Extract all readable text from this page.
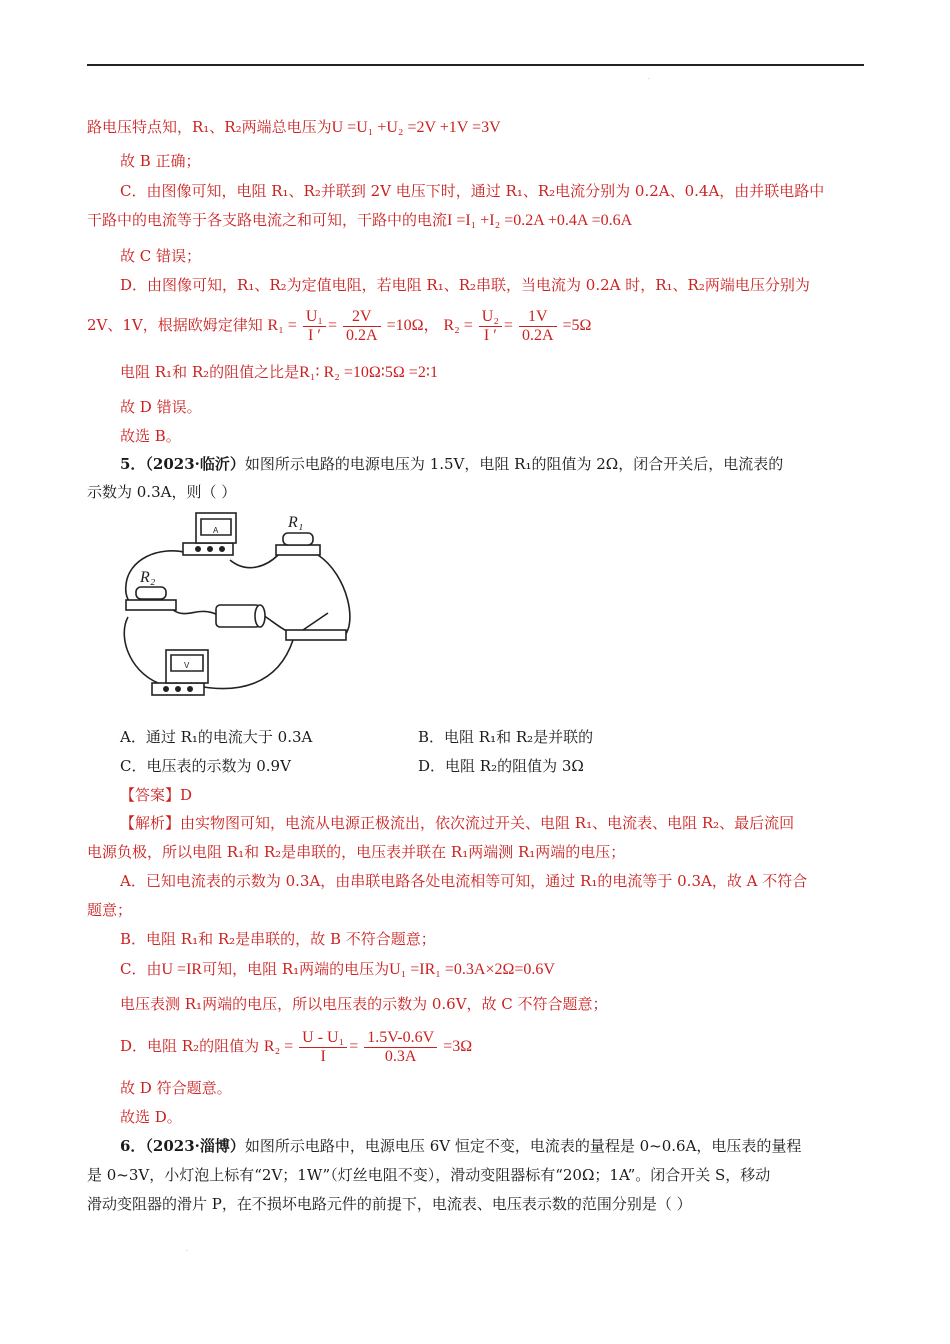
·
路电压特点知，R₁、R₂两端总电压为U =U₁ +U₂ =2V +1V =3V
故 B 正确；
C．由图像可知，电阻 R₁、R₂并联到 2V 电压下时，通过 R₁、R₂电流分别为 0.2A、0.4A，由并联电路中
干路中的电流等于各支路电流之和可知，干路中的电流I =I₁ +I₂ =0.2A +0.4A =0.6A
故 C 错误；
D．由图像可知，R₁、R₂为定值电阻，若电阻 R₁、R₂串联，当电流为 0.2A 时，R₁、R₂两端电压分别为
2V、1V，根据欧姆定律知 $R_1 = \frac{\text{U₁}}{I '} = \frac{2V}{0.2A} =10\Omega$， $R_2 = \frac{\text{U₂}}{I '} = \frac{1V}{0.2A} =5\Omega$
电阻 R₁和 R₂的阻值之比是R₁∶ R₂ =10Ω∶5Ω =2∶1
故 D 错误。
故选 B。
5．（2023·临沂）如图所示电路的电源电压为 1.5V，电阻 R₁的阻值为 2Ω，闭合开关后，电流表的
示数为 0.3A，则（ ）
R₁
R₂
A
V
A．通过 R₁的电流大于 0.3A	B．电阻 R₁和 R₂是并联的
C．电压表的示数为 0.9V	D．电阻 R₂的阻值为 3Ω
【答案】D
【解析】由实物图可知，电流从电源正极流出，依次流过开关、电阻 R₁、电流表、电阻 R₂、最后流回
电源负极，所以电阻 R₁和 R₂是串联的，电压表并联在 R₁两端测 R₁两端的电压；
A．已知电流表的示数为 0.3A，由串联电路各处电流相等可知，通过 R₁的电流等于 0.3A，故 A 不符合
题意；
B．电阻 R₁和 R₂是串联的，故 B 不符合题意；
C．由U =IR可知，电阻 R₁两端的电压为U₁ =IR₁ =0.3A×2Ω=0.6V
电压表测 R₁两端的电压，所以电压表的示数为 0.6V，故 C 不符合题意；
D．电阻 R₂的阻值为 $R_2 = \frac{\text{U - U₁}}{I} = \frac{1.5V-0.6V}{0.3A} =3\Omega$
故 D 符合题意。
故选 D。
6．（2023·淄博）如图所示电路中，电源电压 6V 恒定不变，电流表的量程是 0~0.6A，电压表的量程
是 0~3V，小灯泡上标有“2V；1W”（灯丝电阻不变），滑动变阻器标有“20Ω；1A”。闭合开关 S，移动
滑动变阻器的滑片 P，在不损坏电路元件的前提下，电流表、电压表示数的范围分别是（ ）
·
